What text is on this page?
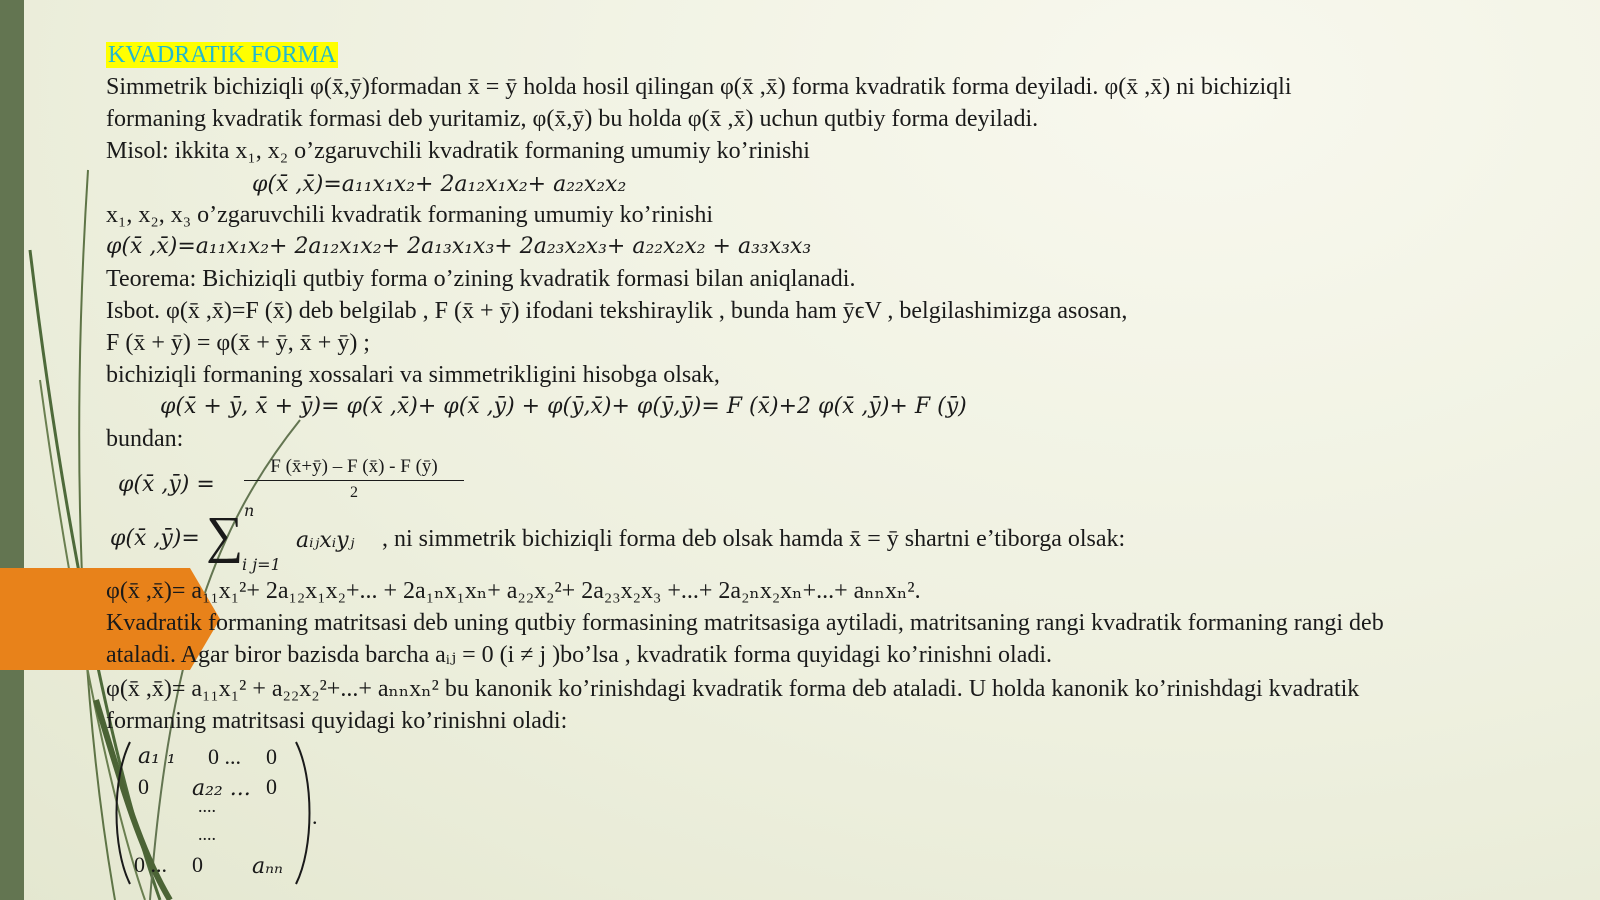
KVADRATIK FORMA
Simmetrik bichiziqli φ(x̄,ȳ)formadan x̄ = ȳ holda hosil qilingan φ(x̄ ,x̄) forma kvadratik forma deyiladi. φ(x̄ ,x̄) ni bichiziqli
formaning kvadratik formasi deb yuritamiz, φ(x̄,ȳ) bu holda φ(x̄ ,x̄) uchun qutbiy forma deyiladi.
Misol: ikkita x₁, x₂ o’zgaruvchili kvadratik formaning umumiy ko’rinishi
φ(x̄ ,x̄)=a₁₁x₁x₂+ 2a₁₂x₁x₂+ a₂₂x₂x₂
x₁, x₂, x₃ o’zgaruvchili kvadratik formaning umumiy ko’rinishi
φ(x̄ ,x̄)=a₁₁x₁x₂+ 2a₁₂x₁x₂+ 2a₁₃x₁x₃+ 2a₂₃x₂x₃+ a₂₂x₂x₂ + a₃₃x₃x₃
Teorema: Bichiziqli qutbiy forma o’zining kvadratik formasi bilan aniqlanadi.
Isbot. φ(x̄ ,x̄)=F (x̄) deb belgilab , F (x̄ + ȳ) ifodani tekshiraylik , bunda ham ȳϵV , belgilashimizga asosan,
F (x̄ + ȳ) = φ(x̄ + ȳ, x̄ + ȳ) ;
bichiziqli formaning xossalari va simmetrikligini hisobga olsak,
φ(x̄ + ȳ, x̄ + ȳ)= φ(x̄ ,x̄)+ φ(x̄ ,ȳ) + φ(ȳ,x̄)+ φ(ȳ,ȳ)= F (x̄)+2 φ(x̄ ,ȳ)+ F (ȳ)
bundan:
φ(x̄ ,ȳ) =
F (x̄+ȳ) – F (x̄) - F (ȳ)
2
φ(x̄ ,ȳ)= ∑ n
i j=1
aᵢⱼxᵢyⱼ , ni simmetrik bichiziqli forma deb olsak hamda x̄ = ȳ shartni e’tiborga olsak:
φ(x̄ ,x̄)= a₁₁x₁²+ 2a₁₂x₁x₂+... + 2a₁ₙx₁xₙ+ a₂₂x₂²+ 2a₂₃x₂x₃ +...+ 2a₂ₙx₂xₙ+...+ aₙₙxₙ².
Kvadratik formaning matritsasi deb uning qutbiy formasining matritsasiga aytiladi, matritsaning rangi kvadratik formaning rangi deb
ataladi. Agar biror bazisda barcha aᵢⱼ = 0 (i ≠ j )bo’lsa , kvadratik forma quyidagi ko’rinishni oladi.
φ(x̄ ,x̄)= a₁₁x₁² + a₂₂x₂²+...+ aₙₙxₙ² bu kanonik ko’rinishdagi kvadratik forma deb ataladi. U holda kanonik ko’rinishdagi kvadratik
formaning matritsasi quyidagi ko’rinishni oladi:
a₁ ₁ 0 ... 0
0 a₂₂ ... 0
....
....
0 ... 0 aₙₙ
.
